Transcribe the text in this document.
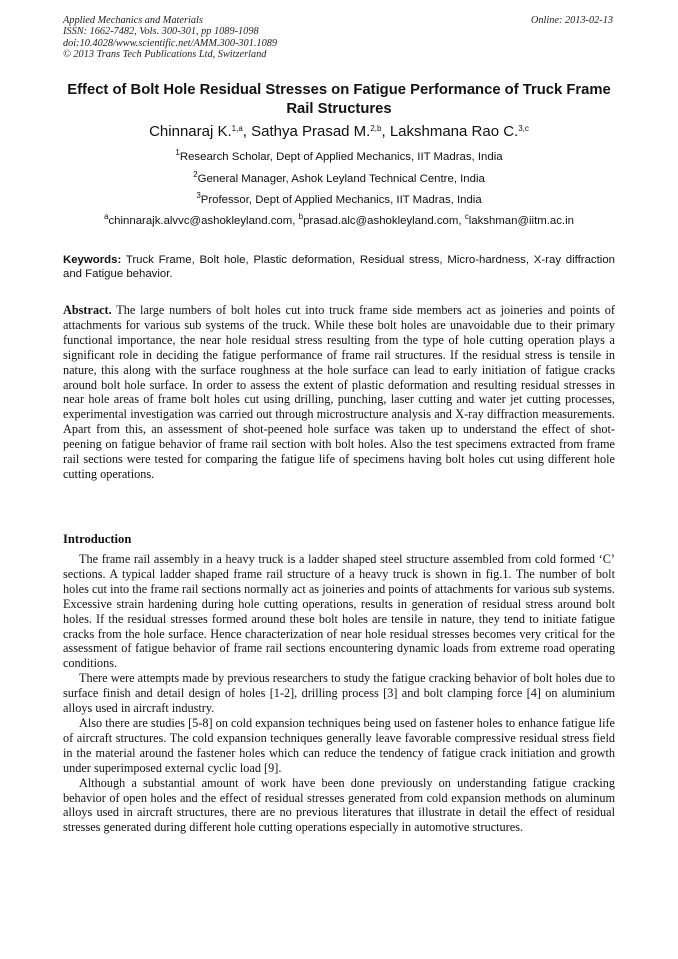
Applied Mechanics and Materials
ISSN: 1662-7482, Vols. 300-301, pp 1089-1098
doi:10.4028/www.scientific.net/AMM.300-301.1089
© 2013 Trans Tech Publications Ltd, Switzerland
Online: 2013-02-13
Effect of Bolt Hole Residual Stresses on Fatigue Performance of Truck Frame Rail Structures
Chinnaraj K.$^{1,a}$, Sathya Prasad M.$^{2,b}$, Lakshmana Rao C.$^{3,c}$
$^1$Research Scholar, Dept of Applied Mechanics, IIT Madras, India
$^2$General Manager, Ashok Leyland Technical Centre, India
$^3$Professor, Dept of Applied Mechanics, IIT Madras, India
$^a$chinnarajk.alvvc@ashokleyland.com, $^b$prasad.alc@ashokleyland.com, $^c$lakshman@iitm.ac.in
Keywords: Truck Frame, Bolt hole, Plastic deformation, Residual stress, Micro-hardness, X-ray diffraction and Fatigue behavior.
Abstract. The large numbers of bolt holes cut into truck frame side members act as joineries and points of attachments for various sub systems of the truck. While these bolt holes are unavoidable due to their primary functional importance, the near hole residual stress resulting from the type of hole cutting operation plays a significant role in deciding the fatigue performance of frame rail structures. If the residual stress is tensile in nature, this along with the surface roughness at the hole surface can lead to early initiation of fatigue cracks around bolt hole surface. In order to assess the extent of plastic deformation and resulting residual stresses in near hole areas of frame bolt holes cut using drilling, punching, laser cutting and water jet cutting processes, experimental investigation was carried out through microstructure analysis and X-ray diffraction measurements. Apart from this, an assessment of shot-peened hole surface was taken up to understand the effect of shot-peening on fatigue behavior of frame rail section with bolt holes. Also the test specimens extracted from frame rail sections were tested for comparing the fatigue life of specimens having bolt holes cut using different hole cutting operations.
Introduction

The frame rail assembly in a heavy truck is a ladder shaped steel structure assembled from cold formed ‘C’ sections. A typical ladder shaped frame rail structure of a heavy truck is shown in fig.1. The number of bolt holes cut into the frame rail sections normally act as joineries and points of attachments for various sub systems. Excessive strain hardening during hole cutting operations, results in generation of residual stress around bolt holes. If the residual stresses formed around these bolt holes are tensile in nature, they tend to initiate fatigue cracks from the hole surface. Hence characterization of near hole residual stresses becomes very critical for the assessment of fatigue behavior of frame rail sections encountering dynamic loads from extreme road operating conditions.

There were attempts made by previous researchers to study the fatigue cracking behavior of bolt holes due to surface finish and detail design of holes [1-2], drilling process [3] and bolt clamping force [4] on aluminium alloys used in aircraft industry.

Also there are studies [5-8] on cold expansion techniques being used on fastener holes to enhance fatigue life of aircraft structures. The cold expansion techniques generally leave favorable compressive residual stress field in the material around the fastener holes which can reduce the tendency of fatigue crack initiation and growth under superimposed external cyclic load [9].

Although a substantial amount of work have been done previously on understanding fatigue cracking behavior of open holes and the effect of residual stresses generated from cold expansion methods on aluminum alloys used in aircraft structures, there are no previous literatures that illustrate in detail the effect of residual stresses generated during different hole cutting operations especially in automotive structures.
